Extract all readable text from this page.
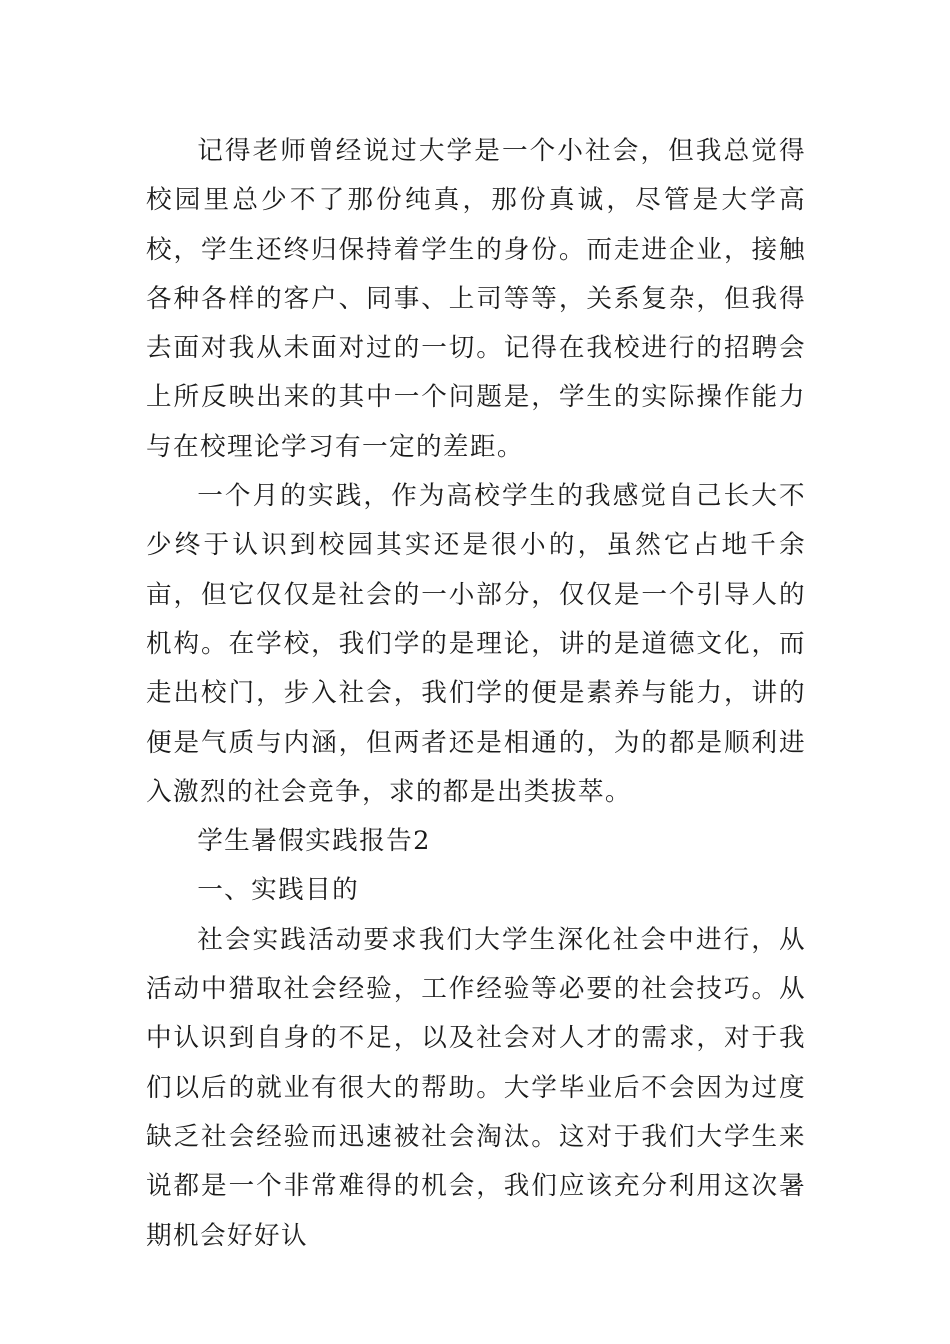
记得老师曾经说过大学是一个小社会，但我总觉得校园里总少不了那份纯真，那份真诚，尽管是大学高校，学生还终归保持着学生的身份。而走进企业，接触各种各样的客户、同事、上司等等，关系复杂，但我得去面对我从未面对过的一切。记得在我校进行的招聘会上所反映出来的其中一个问题是，学生的实际操作能力与在校理论学习有一定的差距。

一个月的实践，作为高校学生的我感觉自己长大不少终于认识到校园其实还是很小的，虽然它占地千余亩，但它仅仅是社会的一小部分，仅仅是一个引导人的机构。在学校，我们学的是理论，讲的是道德文化，而走出校门，步入社会，我们学的便是素养与能力，讲的便是气质与内涵，但两者还是相通的，为的都是顺利进入激烈的社会竞争，求的都是出类拔萃。

学生暑假实践报告2

一、实践目的

社会实践活动要求我们大学生深化社会中进行，从活动中猎取社会经验，工作经验等必要的社会技巧。从中认识到自身的不足，以及社会对人才的需求，对于我们以后的就业有很大的帮助。大学毕业后不会因为过度缺乏社会经验而迅速被社会淘汰。这对于我们大学生来说都是一个非常难得的机会，我们应该充分利用这次暑期机会好好认
